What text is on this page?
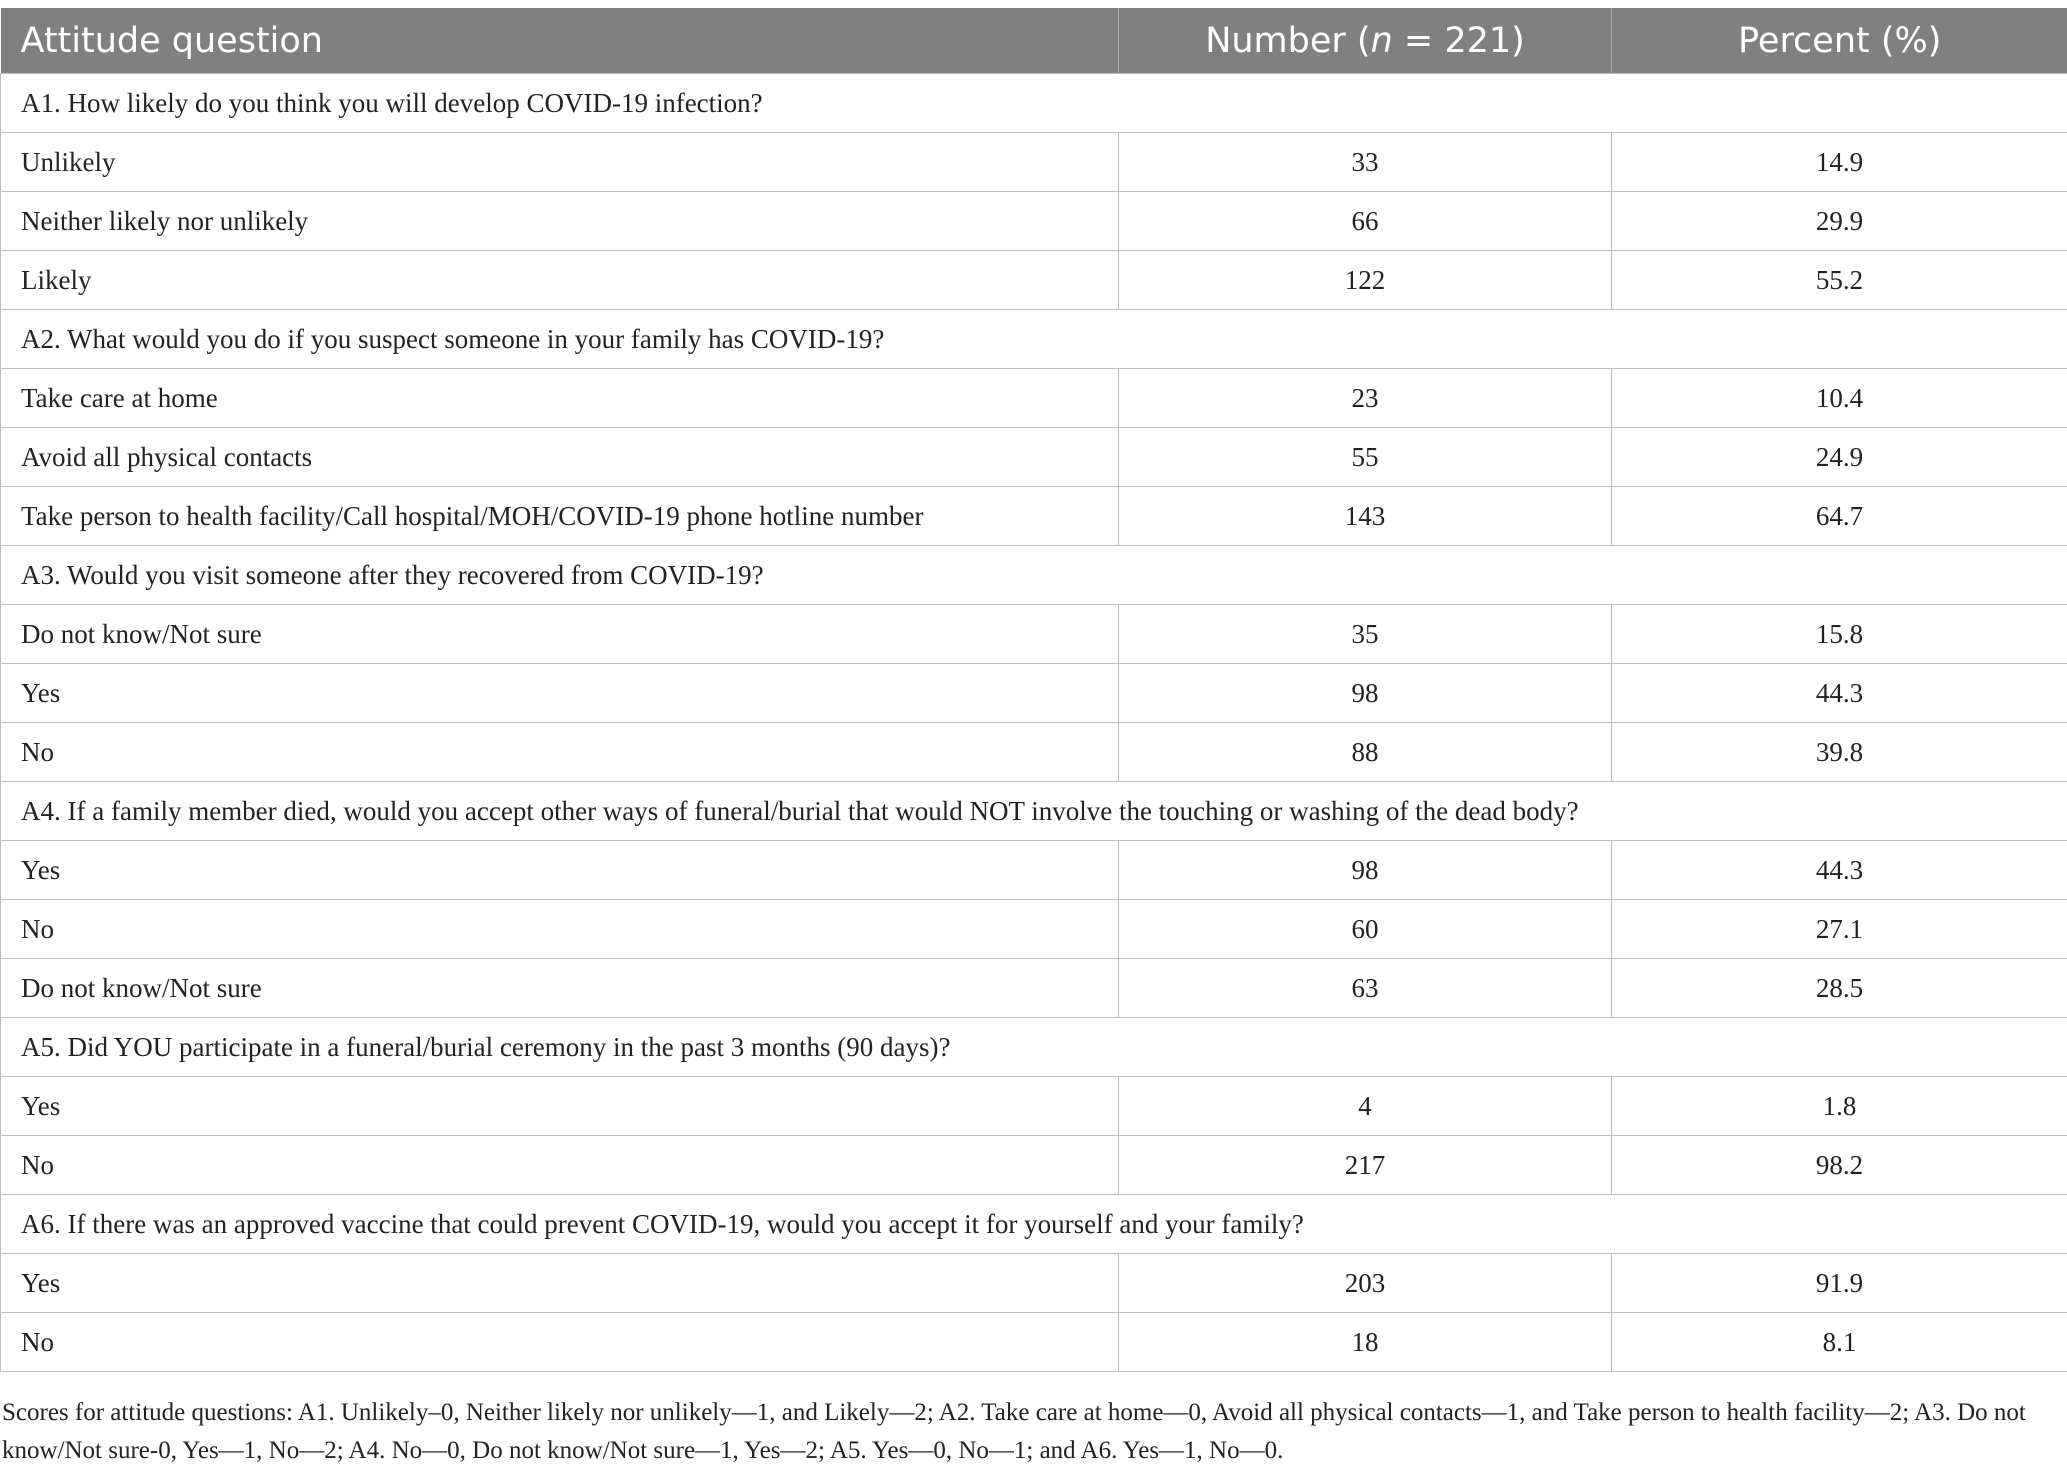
Attitude question	Number (n = 221)	Percent (%)
A1. How likely do you think you will develop COVID-19 infection?		
Unlikely	33	14.9
Neither likely nor unlikely	66	29.9
Likely	122	55.2
A2. What would you do if you suspect someone in your family has COVID-19?		
Take care at home	23	10.4
Avoid all physical contacts	55	24.9
Take person to health facility/Call hospital/MOH/COVID-19 phone hotline number	143	64.7
A3. Would you visit someone after they recovered from COVID-19?		
Do not know/Not sure	35	15.8
Yes	98	44.3
No	88	39.8
A4. If a family member died, would you accept other ways of funeral/burial that would NOT involve the touching or washing of the dead body?		
Yes	98	44.3
No	60	27.1
Do not know/Not sure	63	28.5
A5. Did YOU participate in a funeral/burial ceremony in the past 3 months (90 days)?		
Yes	4	1.8
No	217	98.2
A6. If there was an approved vaccine that could prevent COVID-19, would you accept it for yourself and your family?		
Yes	203	91.9
No	18	8.1
Scores for attitude questions: A1. Unlikely–0, Neither likely nor unlikely—1, and Likely—2; A2. Take care at home—0, Avoid all physical contacts—1, and Take person to health facility—2; A3. Do not know/Not sure-0, Yes—1, No—2; A4. No—0, Do not know/Not sure—1, Yes—2; A5. Yes—0, No—1; and A6. Yes—1, No—0.
